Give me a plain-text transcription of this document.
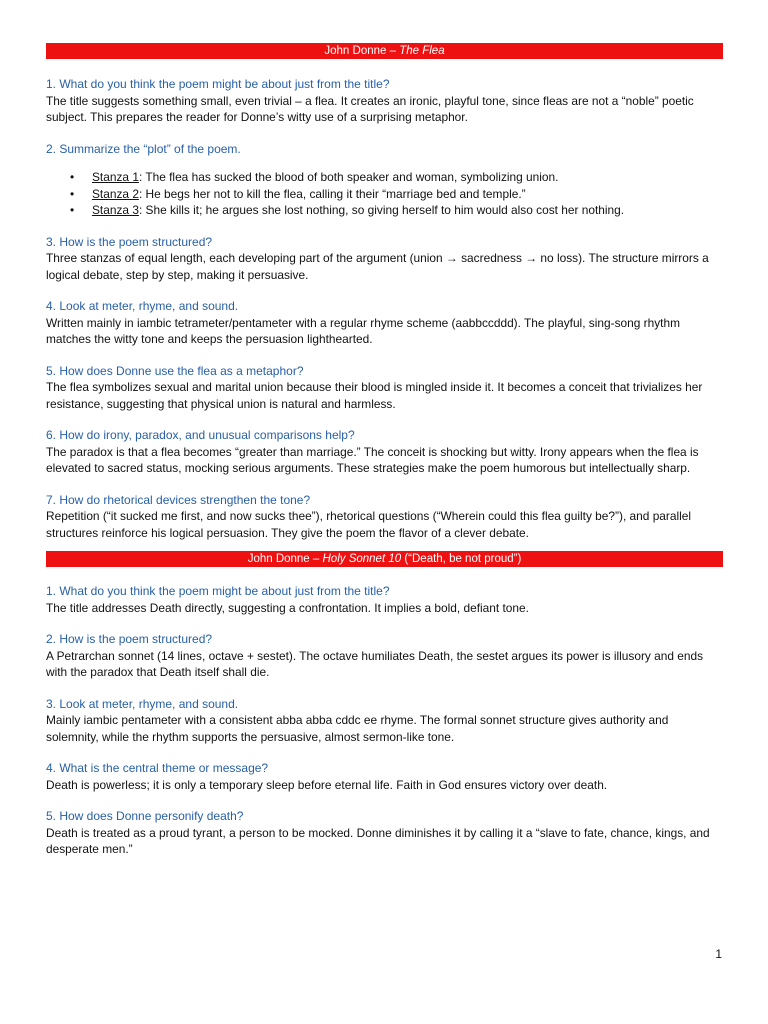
John Donne – The Flea
1. What do you think the poem might be about just from the title?
The title suggests something small, even trivial – a flea. It creates an ironic, playful tone, since fleas are not a “noble” poetic subject. This prepares the reader for Donne’s witty use of a surprising metaphor.
2. Summarize the “plot” of the poem.
• Stanza 1: The flea has sucked the blood of both speaker and woman, symbolizing union.
• Stanza 2: He begs her not to kill the flea, calling it their “marriage bed and temple.”
• Stanza 3: She kills it; he argues she lost nothing, so giving herself to him would also cost her nothing.
3. How is the poem structured?
Three stanzas of equal length, each developing part of the argument (union → sacredness → no loss). The structure mirrors a logical debate, step by step, making it persuasive.
4. Look at meter, rhyme, and sound.
Written mainly in iambic tetrameter/pentameter with a regular rhyme scheme (aabbccddd). The playful, sing-song rhythm matches the witty tone and keeps the persuasion lighthearted.
5. How does Donne use the flea as a metaphor?
The flea symbolizes sexual and marital union because their blood is mingled inside it. It becomes a conceit that trivializes her resistance, suggesting that physical union is natural and harmless.
6. How do irony, paradox, and unusual comparisons help?
The paradox is that a flea becomes “greater than marriage.” The conceit is shocking but witty. Irony appears when the flea is elevated to sacred status, mocking serious arguments. These strategies make the poem humorous but intellectually sharp.
7. How do rhetorical devices strengthen the tone?
Repetition (“it sucked me first, and now sucks thee”), rhetorical questions (“Wherein could this flea guilty be?”), and parallel structures reinforce his logical persuasion. They give the poem the flavor of a clever debate.
John Donne – Holy Sonnet 10 (“Death, be not proud”)
1. What do you think the poem might be about just from the title?
The title addresses Death directly, suggesting a confrontation. It implies a bold, defiant tone.
2. How is the poem structured?
A Petrarchan sonnet (14 lines, octave + sestet). The octave humiliates Death, the sestet argues its power is illusory and ends with the paradox that Death itself shall die.
3. Look at meter, rhyme, and sound.
Mainly iambic pentameter with a consistent abba abba cddc ee rhyme. The formal sonnet structure gives authority and solemnity, while the rhythm supports the persuasive, almost sermon-like tone.
4. What is the central theme or message?
Death is powerless; it is only a temporary sleep before eternal life. Faith in God ensures victory over death.
5. How does Donne personify death?
Death is treated as a proud tyrant, a person to be mocked. Donne diminishes it by calling it a “slave to fate, chance, kings, and desperate men.”
1
